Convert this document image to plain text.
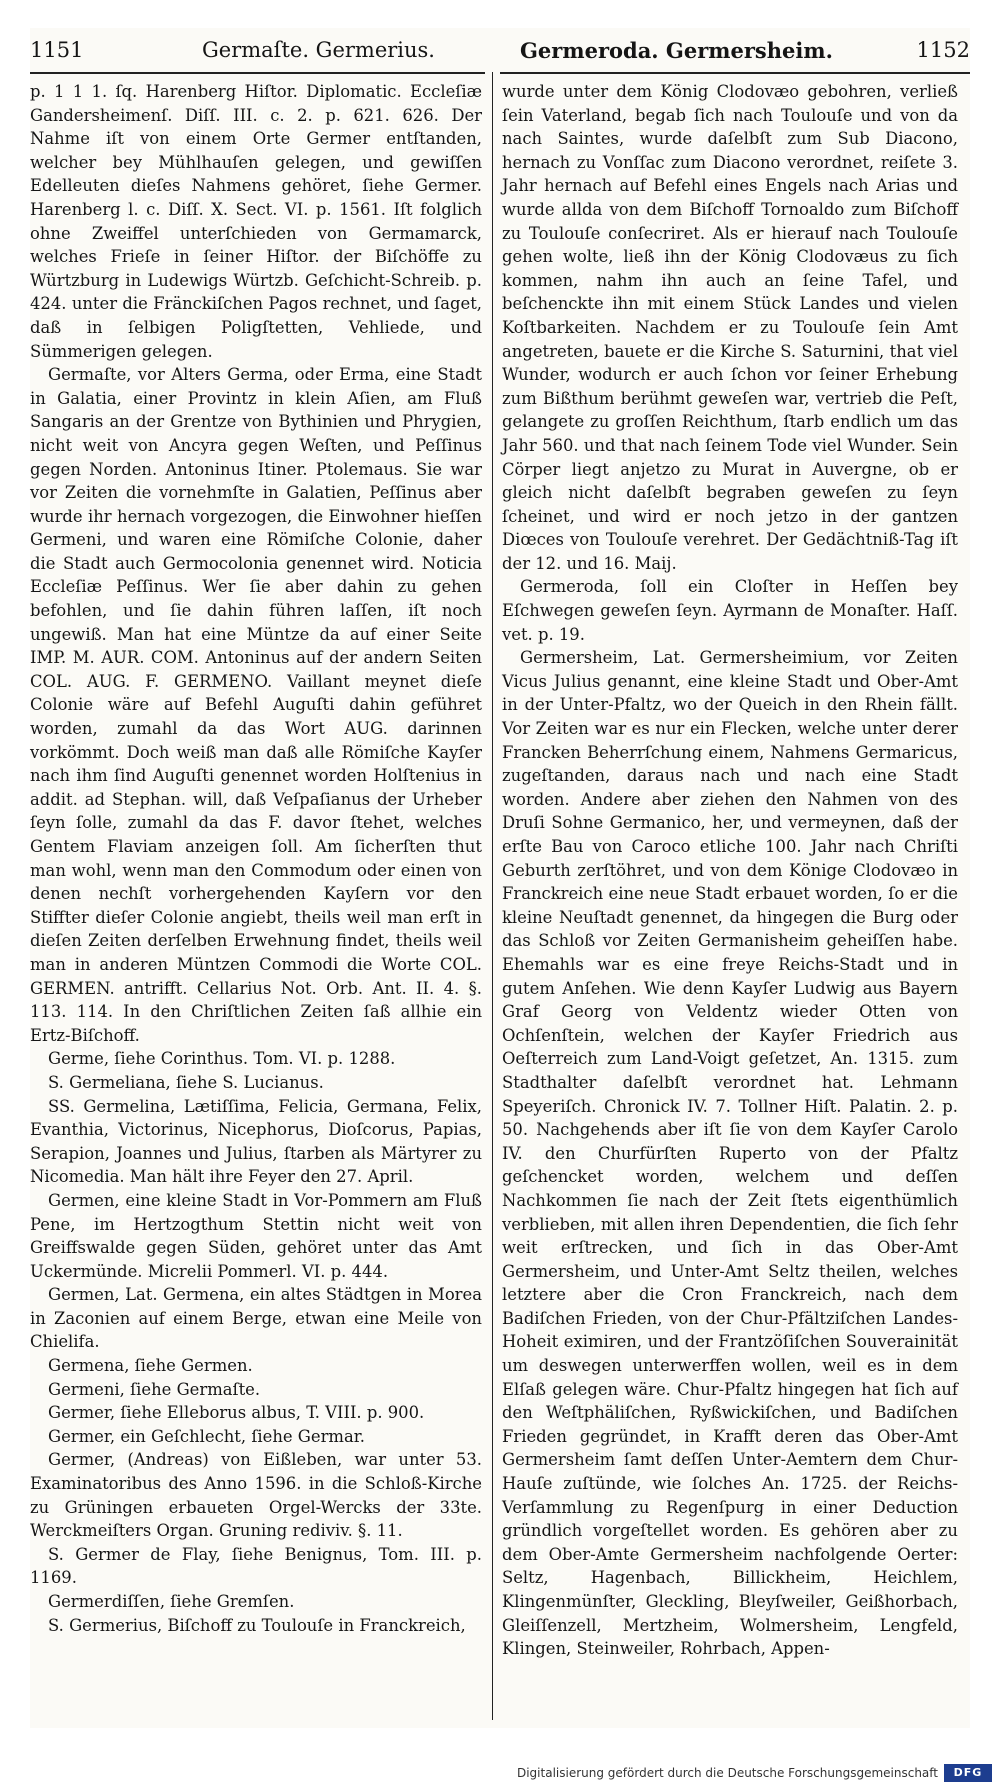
1151	Germaſte. Germerius.	Germeroda. Germersheim.	1152

p. 1 1 1. ſq. Harenberg Hiſtor. Diplomatic. Eccleſiæ Gandersheimenſ. Diſſ. III. c. 2. p. 621. 626. Der Nahme iſt von einem Orte Germer entſtanden, welcher bey Mühlhauſen gelegen, und gewiſſen Edelleuten dieſes Nahmens gehöret, ſiehe Germer. Harenberg l. c. Diſſ. X. Sect. VI. p. 1561. Iſt folglich ohne Zweiffel unterſchieden von Germamarck, welches Frieſe in ſeiner Hiſtor. der Biſchöffe zu Würtzburg in Ludewigs Würtzb. Geſchicht-Schreib. p. 424. unter die Fränckiſchen Pagos rechnet, und ſaget, daß in ſelbigen Poligſtetten, Vehliede, und Sümmerigen gelegen.

Germaſte, vor Alters Germa, oder Erma, eine Stadt in Galatia, einer Provintz in klein Aſien, am Fluß Sangaris an der Grentze von Bythinien und Phrygien, nicht weit von Ancyra gegen Weſten, und Peſſinus gegen Norden. Antoninus Itiner. Ptolemaus. Sie war vor Zeiten die vornehmſte in Galatien, Peſſinus aber wurde ihr hernach vorgezogen, die Einwohner hieſſen Germeni, und waren eine Römiſche Colonie, daher die Stadt auch Germocolonia genennet wird. Noticia Eccleſiæ Peſſinus. Wer ſie aber dahin zu gehen befohlen, und ſie dahin führen laſſen, iſt noch ungewiß. Man hat eine Müntze da auf einer Seite IMP. M. AUR. COM. Antoninus auf der andern Seiten COL. AUG. F. GERMENO. Vaillant meynet dieſe Colonie wäre auf Befehl Auguſti dahin geführet worden, zumahl da das Wort AUG. darinnen vorkömmt. Doch weiß man daß alle Römiſche Kayſer nach ihm ſind Auguſti genennet worden Holſtenius in addit. ad Stephan. will, daß Veſpaſianus der Urheber ſeyn ſolle, zumahl da das F. davor ſtehet, welches Gentem Flaviam anzeigen ſoll. Am ſicherſten thut man wohl, wenn man den Commodum oder einen von denen nechſt vorhergehenden Kayſern vor den Stiffter dieſer Colonie angiebt, theils weil man erſt in dieſen Zeiten derſelben Erwehnung findet, theils weil man in anderen Müntzen Commodi die Worte COL. GERMEN. antrifft. Cellarius Not. Orb. Ant. II. 4. §. 113. 114. In den Chriſtlichen Zeiten ſaß allhie ein Ertz-Biſchoff.

Germe, ſiehe Corinthus. Tom. VI. p. 1288.

S. Germeliana, ſiehe S. Lucianus.

SS. Germelina, Lætiſſima, Felicia, Germana, Felix, Evanthia, Victorinus, Nicephorus, Dioſcorus, Papias, Serapion, Joannes und Julius, ſtarben als Märtyrer zu Nicomedia. Man hält ihre Feyer den 27. April.

Germen, eine kleine Stadt in Vor-Pommern am Fluß Pene, im Hertzogthum Stettin nicht weit von Greiffswalde gegen Süden, gehöret unter das Amt Uckermünde. Micrelii Pommerl. VI. p. 444.

Germen, Lat. Germena, ein altes Städtgen in Morea in Zaconien auf einem Berge, etwan eine Meile von Chielifa.

Germena, ſiehe Germen.

Germeni, ſiehe Germaſte.

Germer, ſiehe Elleborus albus, T. VIII. p. 900.

Germer, ein Geſchlecht, ſiehe Germar.

Germer, (Andreas) von Eißleben, war unter 53. Examinatoribus des Anno 1596. in die Schloß-Kirche zu Grüningen erbaueten Orgel-Wercks der 33te. Werckmeiſters Organ. Gruning rediviv. §. 11.

S. Germer de Flay, ſiehe Benignus, Tom. III. p. 1169.

Germerdiſſen, ſiehe Gremſen.

S. Germerius, Biſchoff zu Toulouſe in Franckreich,

wurde unter dem König Clodovæo gebohren, verließ ſein Vaterland, begab ſich nach Toulouſe und von da nach Saintes, wurde daſelbſt zum Sub Diacono, hernach zu Vonſſac zum Diacono verordnet, reiſete 3. Jahr hernach auf Befehl eines Engels nach Arias und wurde allda von dem Biſchoff Tornoaldo zum Biſchoff zu Toulouſe conſecriret. Als er hierauf nach Toulouſe gehen wolte, ließ ihn der König Clodovæus zu ſich kommen, nahm ihn auch an ſeine Tafel, und beſchenckte ihn mit einem Stück Landes und vielen Koſtbarkeiten. Nachdem er zu Toulouſe ſein Amt angetreten, bauete er die Kirche S. Saturnini, that viel Wunder, wodurch er auch ſchon vor ſeiner Erhebung zum Bißthum berühmt geweſen war, vertrieb die Peſt, gelangete zu groſſen Reichthum, ſtarb endlich um das Jahr 560. und that nach ſeinem Tode viel Wunder. Sein Cörper liegt anjetzo zu Murat in Auvergne, ob er gleich nicht daſelbſt begraben geweſen zu ſeyn ſcheinet, und wird er noch jetzo in der gantzen Diœces von Toulouſe verehret. Der Gedächtniß-Tag iſt der 12. und 16. Maij.

Germeroda, ſoll ein Cloſter in Heſſen bey Eſchwegen geweſen ſeyn. Ayrmann de Monaſter. Haſſ. vet. p. 19.

Germersheim, Lat. Germersheimium, vor Zeiten Vicus Julius genannt, eine kleine Stadt und Ober-Amt in der Unter-Pfaltz, wo der Queich in den Rhein fällt. Vor Zeiten war es nur ein Flecken, welche unter derer Francken Beherrſchung einem, Nahmens Germaricus, zugeſtanden, daraus nach und nach eine Stadt worden. Andere aber ziehen den Nahmen von des Druſi Sohne Germanico, her, und vermeynen, daß der erſte Bau von Caroco etliche 100. Jahr nach Chriſti Geburth zerſtöhret, und von dem Könige Clodovæo in Franckreich eine neue Stadt erbauet worden, ſo er die kleine Neuſtadt genennet, da hingegen die Burg oder das Schloß vor Zeiten Germanisheim geheiſſen habe. Ehemahls war es eine freye Reichs-Stadt und in gutem Anſehen. Wie denn Kayſer Ludwig aus Bayern Graf Georg von Veldentz wieder Otten von Ochſenſtein, welchen der Kayſer Friedrich aus Oeſterreich zum Land-Voigt geſetzet, An. 1315. zum Stadthalter daſelbſt verordnet hat. Lehmann Speyeriſch. Chronick IV. 7. Tollner Hiſt. Palatin. 2. p. 50. Nachgehends aber iſt ſie von dem Kayſer Carolo IV. den Churfürſten Ruperto von der Pfaltz geſchencket worden, welchem und deſſen Nachkommen ſie nach der Zeit ſtets eigenthümlich verblieben, mit allen ihren Dependentien, die ſich ſehr weit erſtrecken, und ſich in das Ober-Amt Germersheim, und Unter-Amt Seltz theilen, welches letztere aber die Cron Franckreich, nach dem Badiſchen Frieden, von der Chur-Pfältziſchen Landes-Hoheit eximiren, und der Frantzöſiſchen Souverainität um deswegen unterwerffen wollen, weil es in dem Elſaß gelegen wäre. Chur-Pfaltz hingegen hat ſich auf den Weſtphäliſchen, Ryßwickiſchen, und Badiſchen Frieden gegründet, in Krafft deren das Ober-Amt Germersheim ſamt deſſen Unter-Aemtern dem Chur-Hauſe zuſtünde, wie ſolches An. 1725. der Reichs-Verſammlung zu Regenſpurg in einer Deduction gründlich vorgeſtellet worden. Es gehören aber zu dem Ober-Amte Germersheim nachfolgende Oerter: Seltz, Hagenbach, Billickheim, Heichlem, Klingenmünſter, Gleckling, Bleyſweiler, Geißhorbach, Gleiſſenzell, Mertzheim, Wolmersheim, Lengfeld, Klingen, Steinweiler, Rohrbach, Appen-

Digitalisierung gefördert durch die Deutsche Forschungsgemeinschaft	DFG
